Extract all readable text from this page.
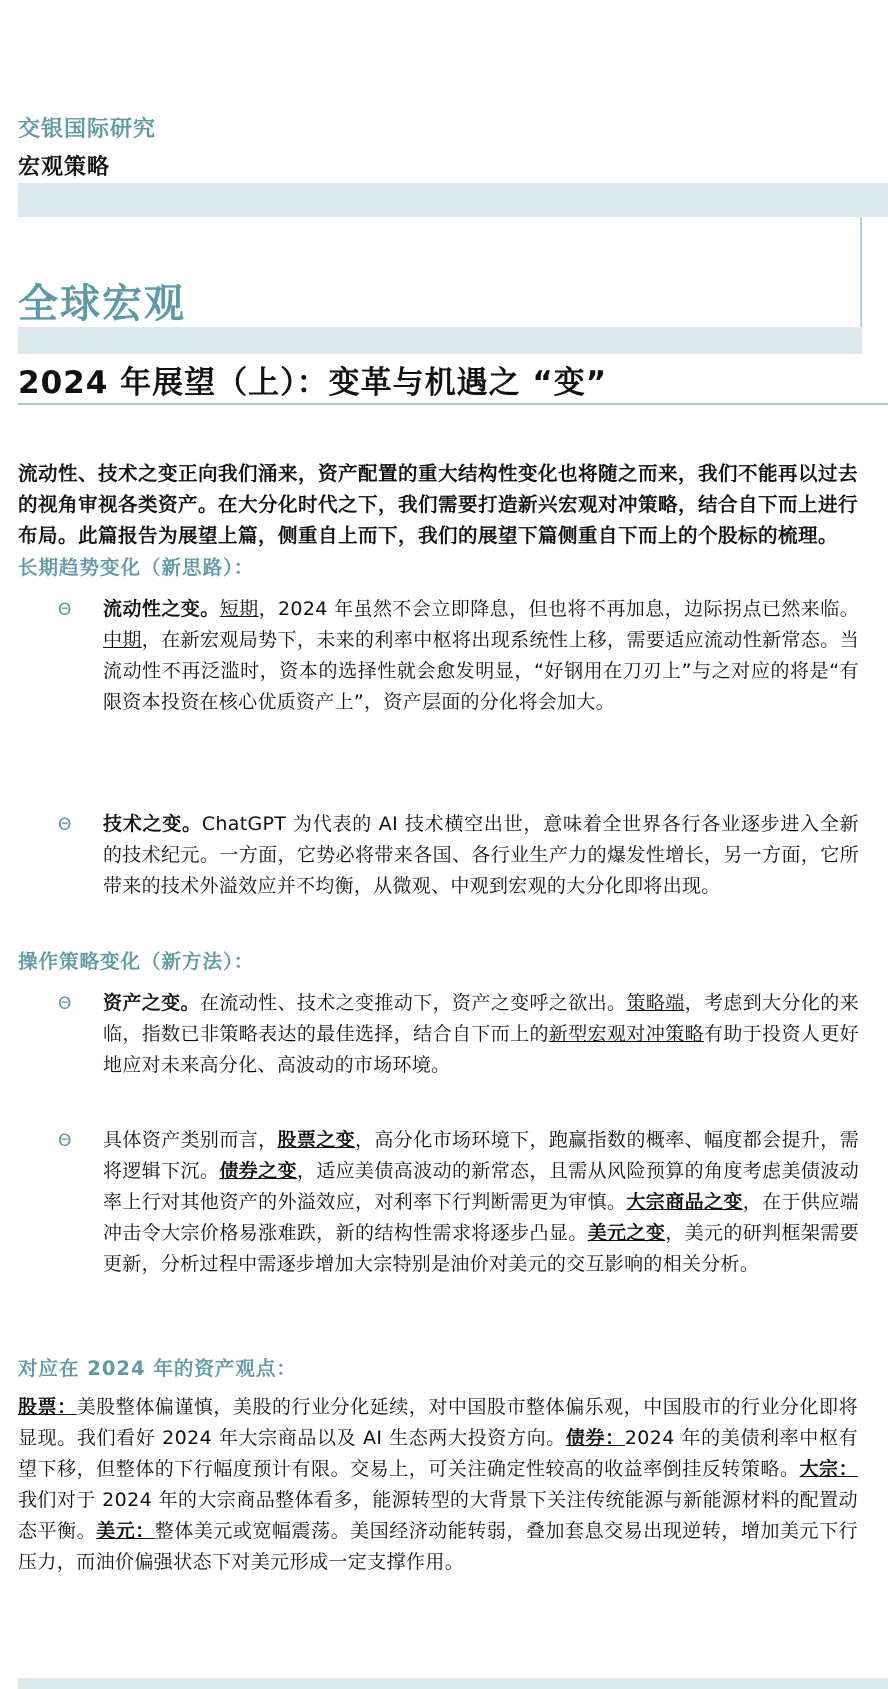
交银国际研究
宏观策略
全球宏观
2024 年展望（上）：变革与机遇之 “变”
流动性、技术之变正向我们涌来，资产配置的重大结构性变化也将随之而来，我们不能再以过去的视角审视各类资产。在大分化时代之下，我们需要打造新兴宏观对冲策略，结合自下而上进行布局。此篇报告为展望上篇，侧重自上而下，我们的展望下篇侧重自下而上的个股标的梳理。
长期趋势变化（新思路）：
Θ 流动性之变。短期，2024 年虽然不会立即降息，但也将不再加息，边际拐点已然来临。中期，在新宏观局势下，未来的利率中枢将出现系统性上移，需要适应流动性新常态。当流动性不再泛滥时，资本的选择性就会愈发明显，“好钢用在刀刃上”与之对应的将是“有限资本投资在核心优质资产上”，资产层面的分化将会加大。
Θ 技术之变。ChatGPT 为代表的 AI 技术横空出世，意味着全世界各行各业逐步进入全新的技术纪元。一方面，它势必将带来各国、各行业生产力的爆发性增长，另一方面，它所带来的技术外溢效应并不均衡，从微观、中观到宏观的大分化即将出现。
操作策略变化（新方法）：
Θ 资产之变。在流动性、技术之变推动下，资产之变呼之欲出。策略端，考虑到大分化的来临，指数已非策略表达的最佳选择，结合自下而上的新型宏观对冲策略有助于投资人更好地应对未来高分化、高波动的市场环境。
Θ 具体资产类别而言，股票之变，高分化市场环境下，跑赢指数的概率、幅度都会提升，需将逻辑下沉。债券之变，适应美债高波动的新常态，且需从风险预算的角度考虑美债波动率上行对其他资产的外溢效应，对利率下行判断需更为审慎。大宗商品之变，在于供应端冲击令大宗价格易涨难跌，新的结构性需求将逐步凸显。美元之变，美元的研判框架需要更新，分析过程中需逐步增加大宗特别是油价对美元的交互影响的相关分析。
对应在 2024 年的资产观点：
股票：美股整体偏谨慎，美股的行业分化延续，对中国股市整体偏乐观，中国股市的行业分化即将显现。我们看好 2024 年大宗商品以及 AI 生态两大投资方向。债券：2024 年的美债利率中枢有望下移，但整体的下行幅度预计有限。交易上，可关注确定性较高的收益率倒挂反转策略。大宗：我们对于 2024 年的大宗商品整体看多，能源转型的大背景下关注传统能源与新能源材料的配置动态平衡。美元：整体美元或宽幅震荡。美国经济动能转弱，叠加套息交易出现逆转，增加美元下行压力，而油价偏强状态下对美元形成一定支撑作用。
